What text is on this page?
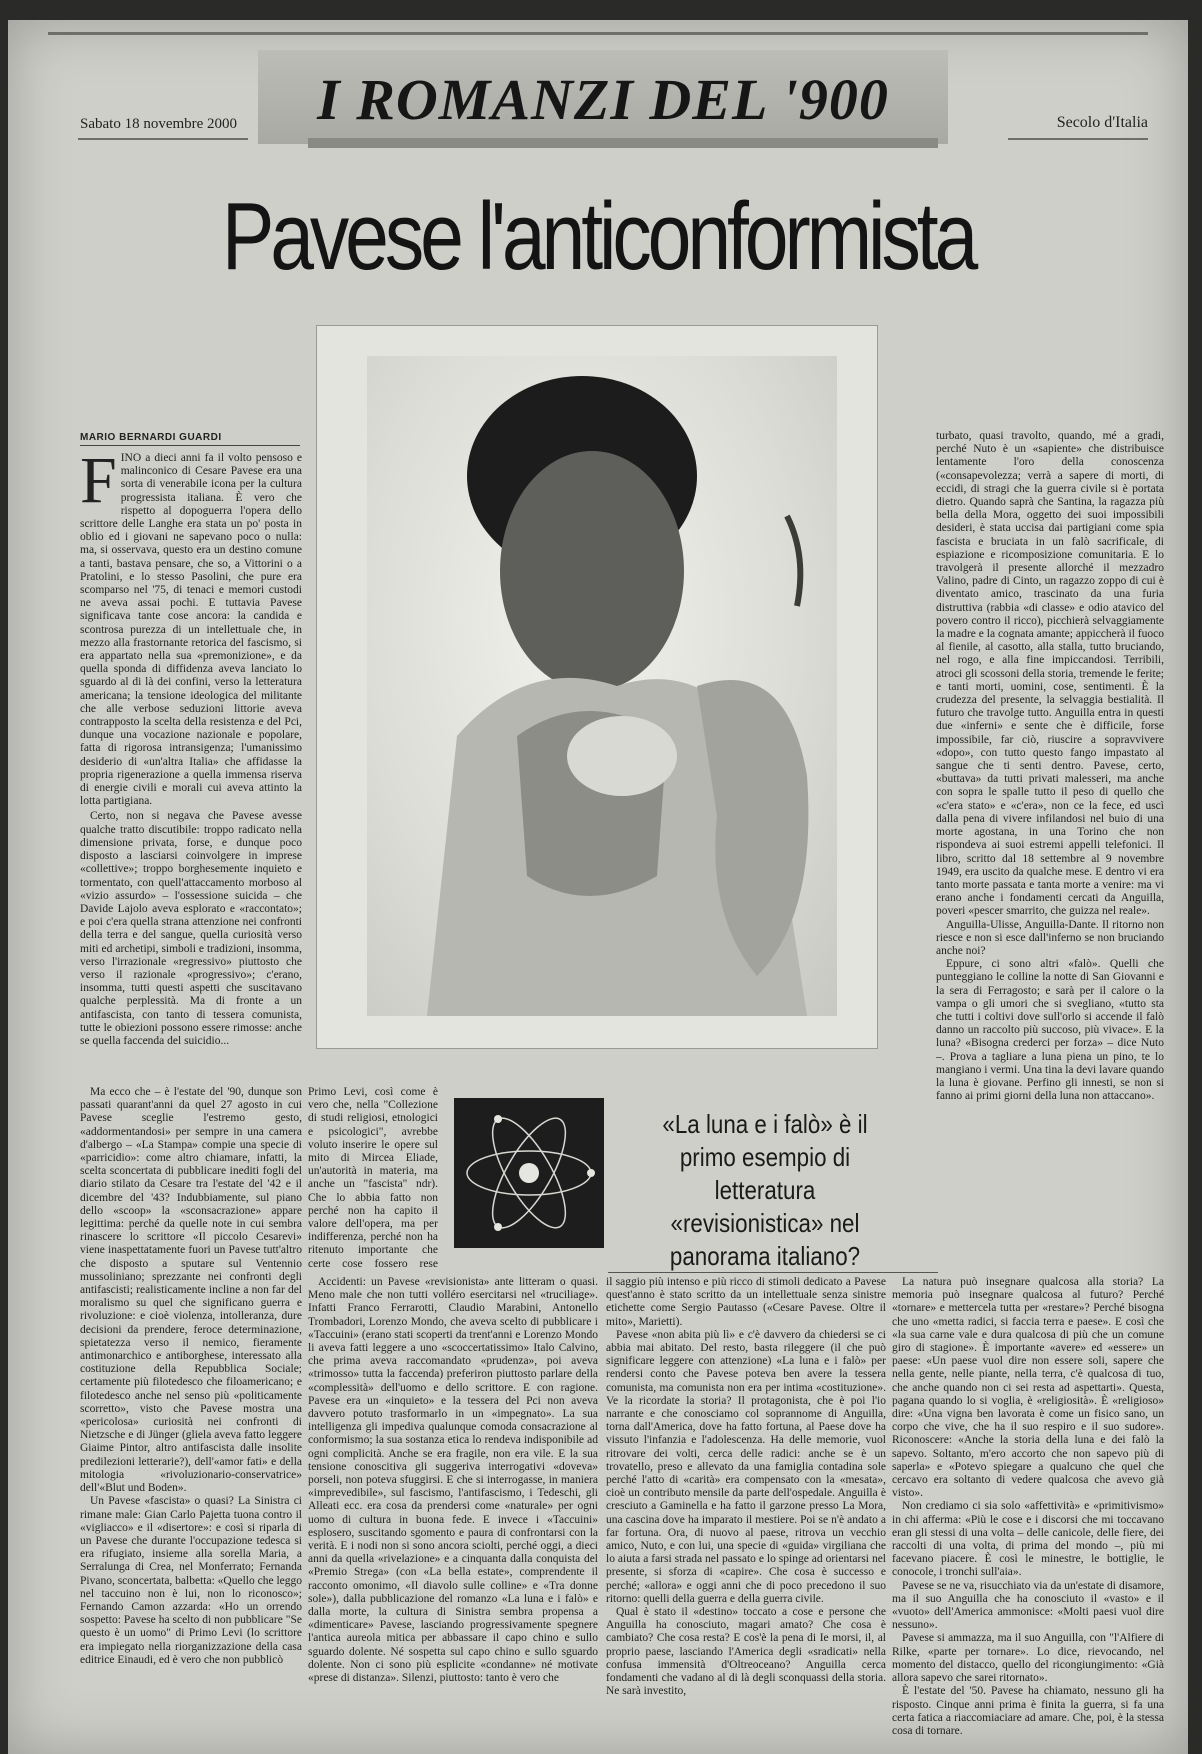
I ROMANZI DEL '900
Sabato 18 novembre 2000	Secolo d'Italia
Pavese l'anticonformista
MARIO BERNARDI GUARDI
F INO a dieci anni fa il volto pensoso e malinconico di Cesare Pavese era una sorta di venerabile icona per la cultura progressista italiana. È vero che rispetto al dopoguerra l'opera dello scrittore delle Langhe era stata un po' posta in oblio ed i giovani ne sapevano poco o nulla: ma, si osservava, questo era un destino comune a tanti, bastava pensare, che so, a Vittorini o a Pratolini, e lo stesso Pasolini, che pure era scomparso nel '75, di tenaci e memori custodi ne aveva assai pochi. E tuttavia Pavese significava tante cose ancora: la candida e scontrosa purezza di un intellettuale che, in mezzo alla frastornante retorica del fascismo, si era appartato nella sua «premonizione», e da quella sponda di diffidenza aveva lanciato lo sguardo al di là dei confini, verso la letteratura americana; la tensione ideologica del militante che alle verbose seduzioni littorie aveva contrapposto la scelta della resistenza e del Pci, dunque una vocazione nazionale e popolare, fatta di rigorosa intransigenza; l'umanissimo desiderio di «un'altra Italia» che affidasse la propria rigenerazione a quella immensa riserva di energie civili e morali cui aveva attinto la lotta partigiana.
Certo, non si negava che Pavese avesse qualche tratto discutibile: troppo radicato nella dimensione privata, forse, e dunque poco disposto a lasciarsi coinvolgere in imprese «collettive»; troppo borghesemente inquieto e tormentato, con quell'attaccamento morboso al «vizio assurdo» – l'ossessione suicida – che Davide Lajolo aveva esplorato e «raccontato»; e poi c'era quella strana attenzione nei confronti della terra e del sangue, quella curiosità verso miti ed archetipi, simboli e tradizioni, insomma, verso l'irrazionale «regressivo» piuttosto che verso il razionale «progressivo»; c'erano, insomma, tutti questi aspetti che suscitavano qualche perplessità. Ma di fronte a un antifascista, con tanto di tessera comunista, tutte le obiezioni possono essere rimosse: anche se quella faccenda del suicidio...
Ma ecco che – è l'estate del '90, dunque son passati quarant'anni da quel 27 agosto in cui Pavese sceglie l'estremo gesto, «addormentandosi» per sempre in una camera d'albergo – «La Stampa» compie una specie di «parricidio»: come altro chiamare, infatti, la scelta sconcertata di pubblicare inediti fogli del diario stilato da Cesare tra l'estate del '42 e il dicembre del '43? Indubbiamente, sul piano dello «scoop» la «sconsacrazione» appare legittima: perché da quelle note in cui sembra rinascere lo scrittore «Il piccolo Cesarevi» viene inaspettatamente fuori un Pavese tutt'altro che disposto a sputare sul Ventennio mussoliniano; sprezzante nei confronti degli antifascisti; realisticamente incline a non far del moralismo su quel che significano guerra e rivoluzione: e cioè violenza, intolleranza, dure decisioni da prendere, feroce determinazione, spietatezza verso il nemico, fieramente antimonarchico e antiborghese, interessato alla costituzione della Repubblica Sociale; certamente più filotedesco che filoamericano; e filotedesco anche nel senso più «politicamente scorretto», visto che Pavese mostra una «pericolosa» curiosità nei confronti di Nietzsche e di Jünger (gliela aveva fatto leggere Giaime Pintor, altro antifascista dalle insolite predilezioni letterarie?), dell'«amor fati» e della mitologia «rivoluzionario-conservatrice» dell'«Blut und Boden».
Un Pavese «fascista» o quasi? La Sinistra ci rimane male: Gian Carlo Pajetta tuona contro il «vigliacco» e il «disertore»: e così si riparla di un Pavese che durante l'occupazione tedesca si era rifugiato, insieme alla sorella Maria, a Serralunga di Crea, nel Monferrato; Fernanda Pivano, sconcertata, balbetta: «Quello che leggo nel taccuino non è lui, non lo riconosco»; Fernando Camon azzarda: «Ho un orrendo sospetto: Pavese ha scelto di non pubblicare "Se questo è un uomo" di Primo Levi (lo scrittore era impiegato nella riorganizzazione della casa editrice Einaudi, ed è vero che non pubblicò
Primo Levi, così come è vero che, nella "Collezione di studi religiosi, etnologici e psicologici", avrebbe voluto inserire le opere sul mito di Mircea Eliade, un'autorità in materia, ma anche un "fascista" ndr). Che lo abbia fatto non perché non ha capito il valore dell'opera, ma per indifferenza, perché non ha ritenuto importante che certe cose fossero rese
«La luna e i falò» è il primo esempio di letteratura «revisionistica» nel panorama italiano?
Accidenti: un Pavese «revisionista» ante litteram o quasi. Meno male che non tutti volléro esercitarsi nel «truciliage». Infatti Franco Ferrarotti, Claudio Marabini, Antonello Trombadori, Lorenzo Mondo, che aveva scelto di pubblicare i «Taccuini» (erano stati scoperti da trent'anni e Lorenzo Mondo li aveva fatti leggere a uno «scoccertatissimo» Italo Calvino, che prima aveva raccomandato «prudenza», poi aveva «trimosso» tutta la faccenda) preferiron piuttosto parlare della «complessità» dell'uomo e dello scrittore. E con ragione. Pavese era un «inquieto» e la tessera del Pci non aveva davvero potuto trasformarlo in un «impegnato». La sua intelligenza gli impediva qualunque comoda consacrazione al conformismo; la sua sostanza etica lo rendeva indisponibile ad ogni complicità. Anche se era fragile, non era vile. E la sua tensione conoscitiva gli suggeriva interrogativi «doveva» porseli, non poteva sfuggirsi. E che si interrogasse, in maniera «imprevedibile», sul fascismo, l'antifascismo, i Tedeschi, gli Alleati ecc. era cosa da prendersi come «naturale» per ogni uomo di cultura in buona fede. E invece i «Taccuini» esplosero, suscitando sgomento e paura di confrontarsi con la verità. E i nodi non si sono ancora sciolti, perché oggi, a dieci anni da quella «rivelazione» e a cinquanta dalla conquista del «Premio Strega» (con «La bella estate», comprendente il racconto omonimo, «Il diavolo sulle colline» e «Tra donne sole»), dalla pubblicazione del romanzo «La luna e i falò» e dalla morte, la cultura di Sinistra sembra propensa a «dimenticare» Pavese, lasciando progressivamente spegnere l'antica aureola mitica per abbassare il capo chino e sullo sguardo dolente. Né sospetta sul capo chino e sullo sguardo dolente. Non ci sono più esplicite «condanne» né motivate «prese di distanza». Silenzi, piuttosto: tanto è vero che
il saggio più intenso e più ricco di stimoli dedicato a Pavese quest'anno è stato scritto da un intellettuale senza sinistre etichette come Sergio Pautasso («Cesare Pavese. Oltre il mito», Marietti).
Pavese «non abita più lì» e c'è davvero da chiedersi se ci abbia mai abitato. Del resto, basta rileggere (il che può significare leggere con attenzione) «La luna e i falò» per rendersi conto che Pavese poteva ben avere la tessera comunista, ma comunista non era per intima «costituzione». Ve la ricordate la storia? Il protagonista, che è poi l'io narrante e che conosciamo col soprannome di Anguilla, torna dall'America, dove ha fatto fortuna, al Paese dove ha vissuto l'infanzia e l'adolescenza. Ha delle memorie, vuol ritrovare dei volti, cerca delle radici: anche se è un trovatello, preso e allevato da una famiglia contadina sole perché l'atto di «carità» era compensato con la «mesata», cioè un contributo mensile da parte dell'ospedale. Anguilla è cresciuto a Gaminella e ha fatto il garzone presso La Mora, una cascina dove ha imparato il mestiere. Poi se n'è andato a far fortuna. Ora, di nuovo al paese, ritrova un vecchio amico, Nuto, e con lui, una specie di «guida» virgiliana che lo aiuta a farsi strada nel passato e lo spinge ad orientarsi nel presente, si sforza di «capire». Che cosa è successo e perché; «allora» e oggi anni che di poco precedono il suo ritorno: quelli della guerra e della guerra civile.
Qual è stato il «destino» toccato a cose e persone che Anguilla ha conosciuto, magari amato? Che cosa è cambiato? Che cosa resta? E cos'è la pena di Ie morsi, il, al proprio paese, lasciando l'America degli «sradicati» nella confusa immensità d'Oltreoceano? Anguilla cerca fondamenti che vadano al di là degli sconquassi della storia. Ne sarà investito,
turbato, quasi travolto, quando, mé a gradi, perché Nuto è un «sapiente» che distribuisce lentamente l'oro della conoscenza («consapevolezza; verrà a sapere di morti, di eccidi, di stragi che la guerra civile si è portata dietro. Quando saprà che Santina, la ragazza più bella della Mora, oggetto dei suoi impossibili desideri, è stata uccisa dai partigiani come spia fascista e bruciata in un falò sacrificale, di espiazione e ricomposizione comunitaria. E lo travolgerà il presente allorché il mezzadro Valino, padre di Cinto, un ragazzo zoppo di cui è diventato amico, trascinato da una furia distruttiva (rabbia «di classe» e odio atavico del povero contro il ricco), picchierà selvaggiamente la madre e la cognata amante; appiccherà il fuoco al fienile, al casotto, alla stalla, tutto bruciando, nel rogo, e alla fine impiccandosi. Terribili, atroci gli scossoni della storia, tremende le ferite; e tanti morti, uomini, cose, sentimenti. È la crudezza del presente, la selvaggia bestialità. Il futuro che travolge tutto. Anguilla entra in questi due «inferni» e sente che è difficile, forse impossibile, far ciò, riuscire a sopravvivere «dopo», con tutto questo fango impastato al sangue che ti senti dentro. Pavese, certo, «buttava» da tutti privati malesseri, ma anche con sopra le spalle tutto il peso di quello che «c'era stato» e «c'era», non ce la fece, ed uscì dalla pena di vivere infilandosi nel buio di una morte agostana, in una Torino che non rispondeva ai suoi estremi appelli telefonici. Il libro, scritto dal 18 settembre al 9 novembre 1949, era uscito da qualche mese. E dentro vi era tanto morte passata e tanta morte a venire: ma vi erano anche i fondamenti cercati da Anguilla, poveri «pescer smarrito, che guizza nel reale».
Anguilla-Ulisse, Anguilla-Dante. Il ritorno non riesce e non si esce dall'inferno se non bruciando anche noi?
Eppure, ci sono altri «falò». Quelli che punteggiano le colline la notte di San Giovanni e la sera di Ferragosto; e sarà per il calore o la vampa o gli umori che si svegliano, «tutto sta che tutti i coltivi dove sull'orlo si accende il falò danno un raccolto più succoso, più vivace». E la luna? «Bisogna crederci per forza» – dice Nuto –. Prova a tagliare a luna piena un pino, te lo mangiano i vermi. Una tina la devi lavare quando la luna è giovane. Perfino gli innesti, se non si fanno ai primi giorni della luna non attaccano».
La natura può insegnare qualcosa alla storia? La memoria può insegnare qualcosa al futuro? Perché «tornare» e mettercela tutta per «restare»? Perché bisogna che uno «metta radici, si faccia terra e paese». E così che «la sua carne vale e dura qualcosa di più che un comune giro di stagione». È importante «avere» ed «essere» un paese: «Un paese vuol dire non essere soli, sapere che nella gente, nelle piante, nella terra, c'è qualcosa di tuo, che anche quando non ci sei resta ad aspettarti». Questa, pagana quando lo si voglia, è «religiosità». È «religioso» dire: «Una vigna ben lavorata è come un fisico sano, un corpo che vive, che ha il suo respiro e il suo sudore». Riconoscere: «Anche la storia della luna e dei falò la sapevo. Soltanto, m'ero accorto che non sapevo più di saperla» e «Potevo spiegare a qualcuno che quel che cercavo era soltanto di vedere qualcosa che avevo già visto».
Non crediamo ci sia solo «affettività» e «primitivismo» in chi afferma: «Più le cose e i discorsi che mi toccavano eran gli stessi di una volta – delle canicole, delle fiere, dei raccolti di una volta, di prima del mondo –, più mi facevano piacere. È così le minestre, le bottiglie, le conocole, i tronchi sull'aia».
Pavese se ne va, risucchiato via da un'estate di disamore, ma il suo Anguilla che ha conosciuto il «vasto» e il «vuoto» dell'America ammonisce: «Molti paesi vuol dire nessuno».
Pavese si ammazza, ma il suo Anguilla, con "l'Alfiere di Rilke, «parte per tornare». Lo dice, rievocando, nel momento del distacco, quello del ricongiungimento: «Già allora sapevo che sarei ritornato».
È l'estate del '50. Pavese ha chiamato, nessuno gli ha risposto. Cinque anni prima è finita la guerra, si fa una certa fatica a riaccomiaciare ad amare. Che, poi, è la stessa cosa di tornare.
